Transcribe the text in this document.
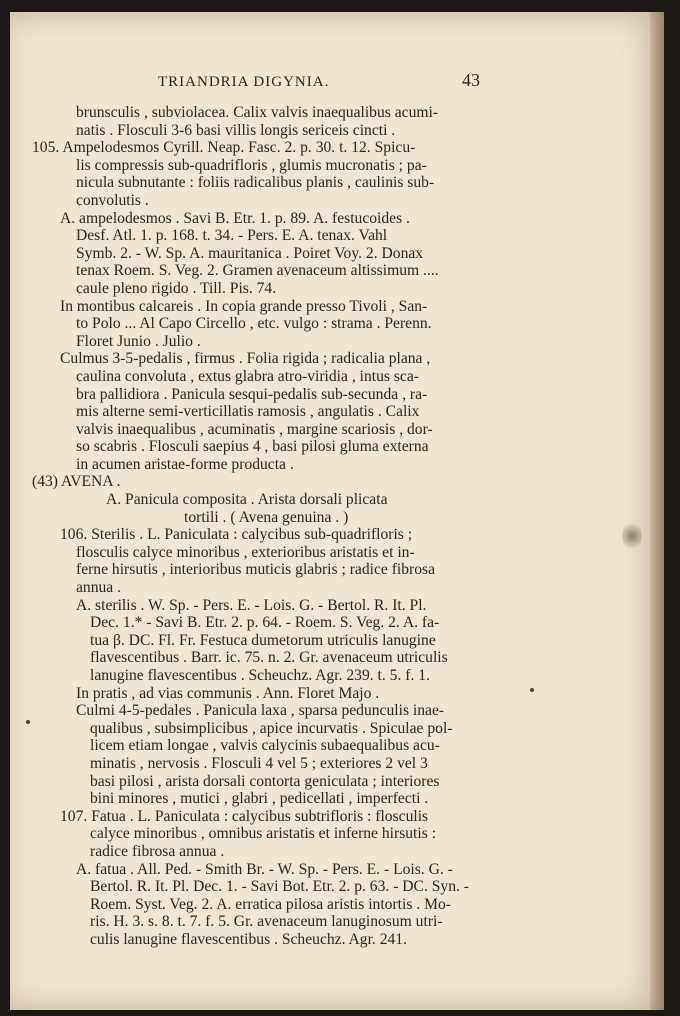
TRIANDRIA DIGYNIA.	43
brunsculis , subviolacea. Calix valvis inaequalibus acumi-
natis . Flosculi 3-6 basi villis longis sericeis cincti .
105. Ampelodesmos Cyrill. Neap. Fasc. 2. p. 30. t. 12. Spicu-
lis compressis sub-quadrifloris , glumis mucronatis ; pa-
nicula subnutante : foliis radicalibus planis , caulinis sub-
convolutis .
A. ampelodesmos . Savi B. Etr. 1. p. 89. A. festucoides .
Desf. Atl. 1. p. 168. t. 34. - Pers. E. A. tenax. Vahl
Symb. 2. - W. Sp. A. mauritanica . Poiret Voy. 2. Donax
tenax Roem. S. Veg. 2. Gramen avenaceum altissimum ....
caule pleno rigido . Till. Pis. 74.
In montibus calcareis . In copia grande presso Tivoli , San-
to Polo ... Al Capo Circello , etc. vulgo : strama . Perenn.
Floret Junio . Julio .
Culmus 3-5-pedalis , firmus . Folia rigida ; radicalia plana ,
caulina convoluta , extus glabra atro-viridia , intus sca-
bra pallidiora . Panicula sesqui-pedalis sub-secunda , ra-
mis alterne semi-verticillatis ramosis , angulatis . Calix
valvis inaequalibus , acuminatis , margine scariosis , dor-
so scabris . Flosculi saepius 4 , basi pilosi gluma externa
in acumen aristae-forme producta .
(43) AVENA .
A. Panicula composita . Arista dorsali plicata
tortili . ( Avena genuina . )
106. Sterilis . L. Paniculata : calycibus sub-quadrifloris ;
flosculis calyce minoribus , exterioribus aristatis et in-
ferne hirsutis , interioribus muticis glabris ; radice fibrosa
annua .
A. sterilis . W. Sp. - Pers. E. - Lois. G. - Bertol. R. It. Pl.
Dec. 1.* - Savi B. Etr. 2. p. 64. - Roem. S. Veg. 2. A. fa-
tua β. DC. Fl. Fr. Festuca dumetorum utriculis lanugine
flavescentibus . Barr. ic. 75. n. 2. Gr. avenaceum utriculis
lanugine flavescentibus . Scheuchz. Agr. 239. t. 5. f. 1.
In pratis , ad vias communis . Ann. Floret Majo .
Culmi 4-5-pedales . Panicula laxa , sparsa pedunculis inae-
qualibus , subsimplicibus , apice incurvatis . Spiculae pol-
licem etiam longae , valvis calycinis subaequalibus acu-
minatis , nervosis . Flosculi 4 vel 5 ; exteriores 2 vel 3
basi pilosi , arista dorsali contorta geniculata ; interiores
bini minores , mutici , glabri , pedicellati , imperfecti .
107. Fatua . L. Paniculata : calycibus subtrifloris : flosculis
calyce minoribus , omnibus aristatis et inferne hirsutis :
radice fibrosa annua .
A. fatua . All. Ped. - Smith Br. - W. Sp. - Pers. E. - Lois. G. -
Bertol. R. It. Pl. Dec. 1. - Savi Bot. Etr. 2. p. 63. - DC. Syn. -
Roem. Syst. Veg. 2. A. erratica pilosa aristis intortis . Mo-
ris. H. 3. s. 8. t. 7. f. 5. Gr. avenaceum lanuginosum utri-
culis lanugine flavescentibus . Scheuchz. Agr. 241.
